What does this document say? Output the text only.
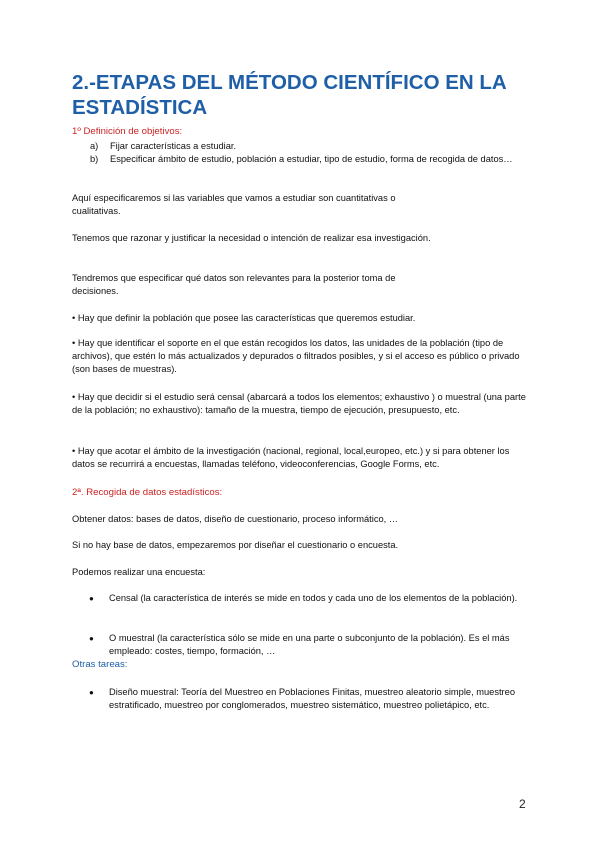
2.-ETAPAS DEL MÉTODO CIENTÍFICO EN LA ESTADÍSTICA
1º Definición de objetivos:
a) Fijar características a estudiar.
b) Especificar ámbito de estudio, población a estudiar, tipo de estudio, forma de recogida de datos…

Aquí especificaremos si las variables que vamos a estudiar son cuantitativas o cualitativas.

Tenemos que razonar y justificar la necesidad o intención de realizar esa investigación.

Tendremos que especificar qué datos son relevantes para la posterior toma de decisiones.

• Hay que definir la población que posee las características que queremos estudiar.

• Hay que identificar el soporte en el que están recogidos los datos, las unidades de la población (tipo de archivos), que estén lo más actualizados y depurados o filtrados posibles, y si el acceso es público o privado (son bases de muestras).

• Hay que decidir si el estudio será censal (abarcará a todos los elementos; exhaustivo ) o muestral (una parte de la población; no exhaustivo): tamaño de la muestra, tiempo de ejecución, presupuesto, etc.

• Hay que acotar el ámbito de la investigación (nacional, regional, local,europeo, etc.) y si para obtener los datos se recurrirá a encuestas, llamadas teléfono, videoconferencias, Google Forms, etc.

2ª. Recogida de datos estadísticos:

Obtener datos: bases de datos, diseño de cuestionario, proceso informático, …

Si no hay base de datos, empezaremos por diseñar el cuestionario o encuesta.

Podemos realizar una encuesta:

● Censal (la característica de interés se mide en todos y cada uno de los elementos de la población).
● O muestral (la característica sólo se mide en una parte o subconjunto de la población). Es el más empleado: costes, tiempo, formación, …
Otras tareas:
● Diseño muestral: Teoría del Muestreo en Poblaciones Finitas, muestreo aleatorio simple, muestreo estratificado, muestreo por conglomerados, muestreo sistemático, muestreo polietápico, etc.
2
